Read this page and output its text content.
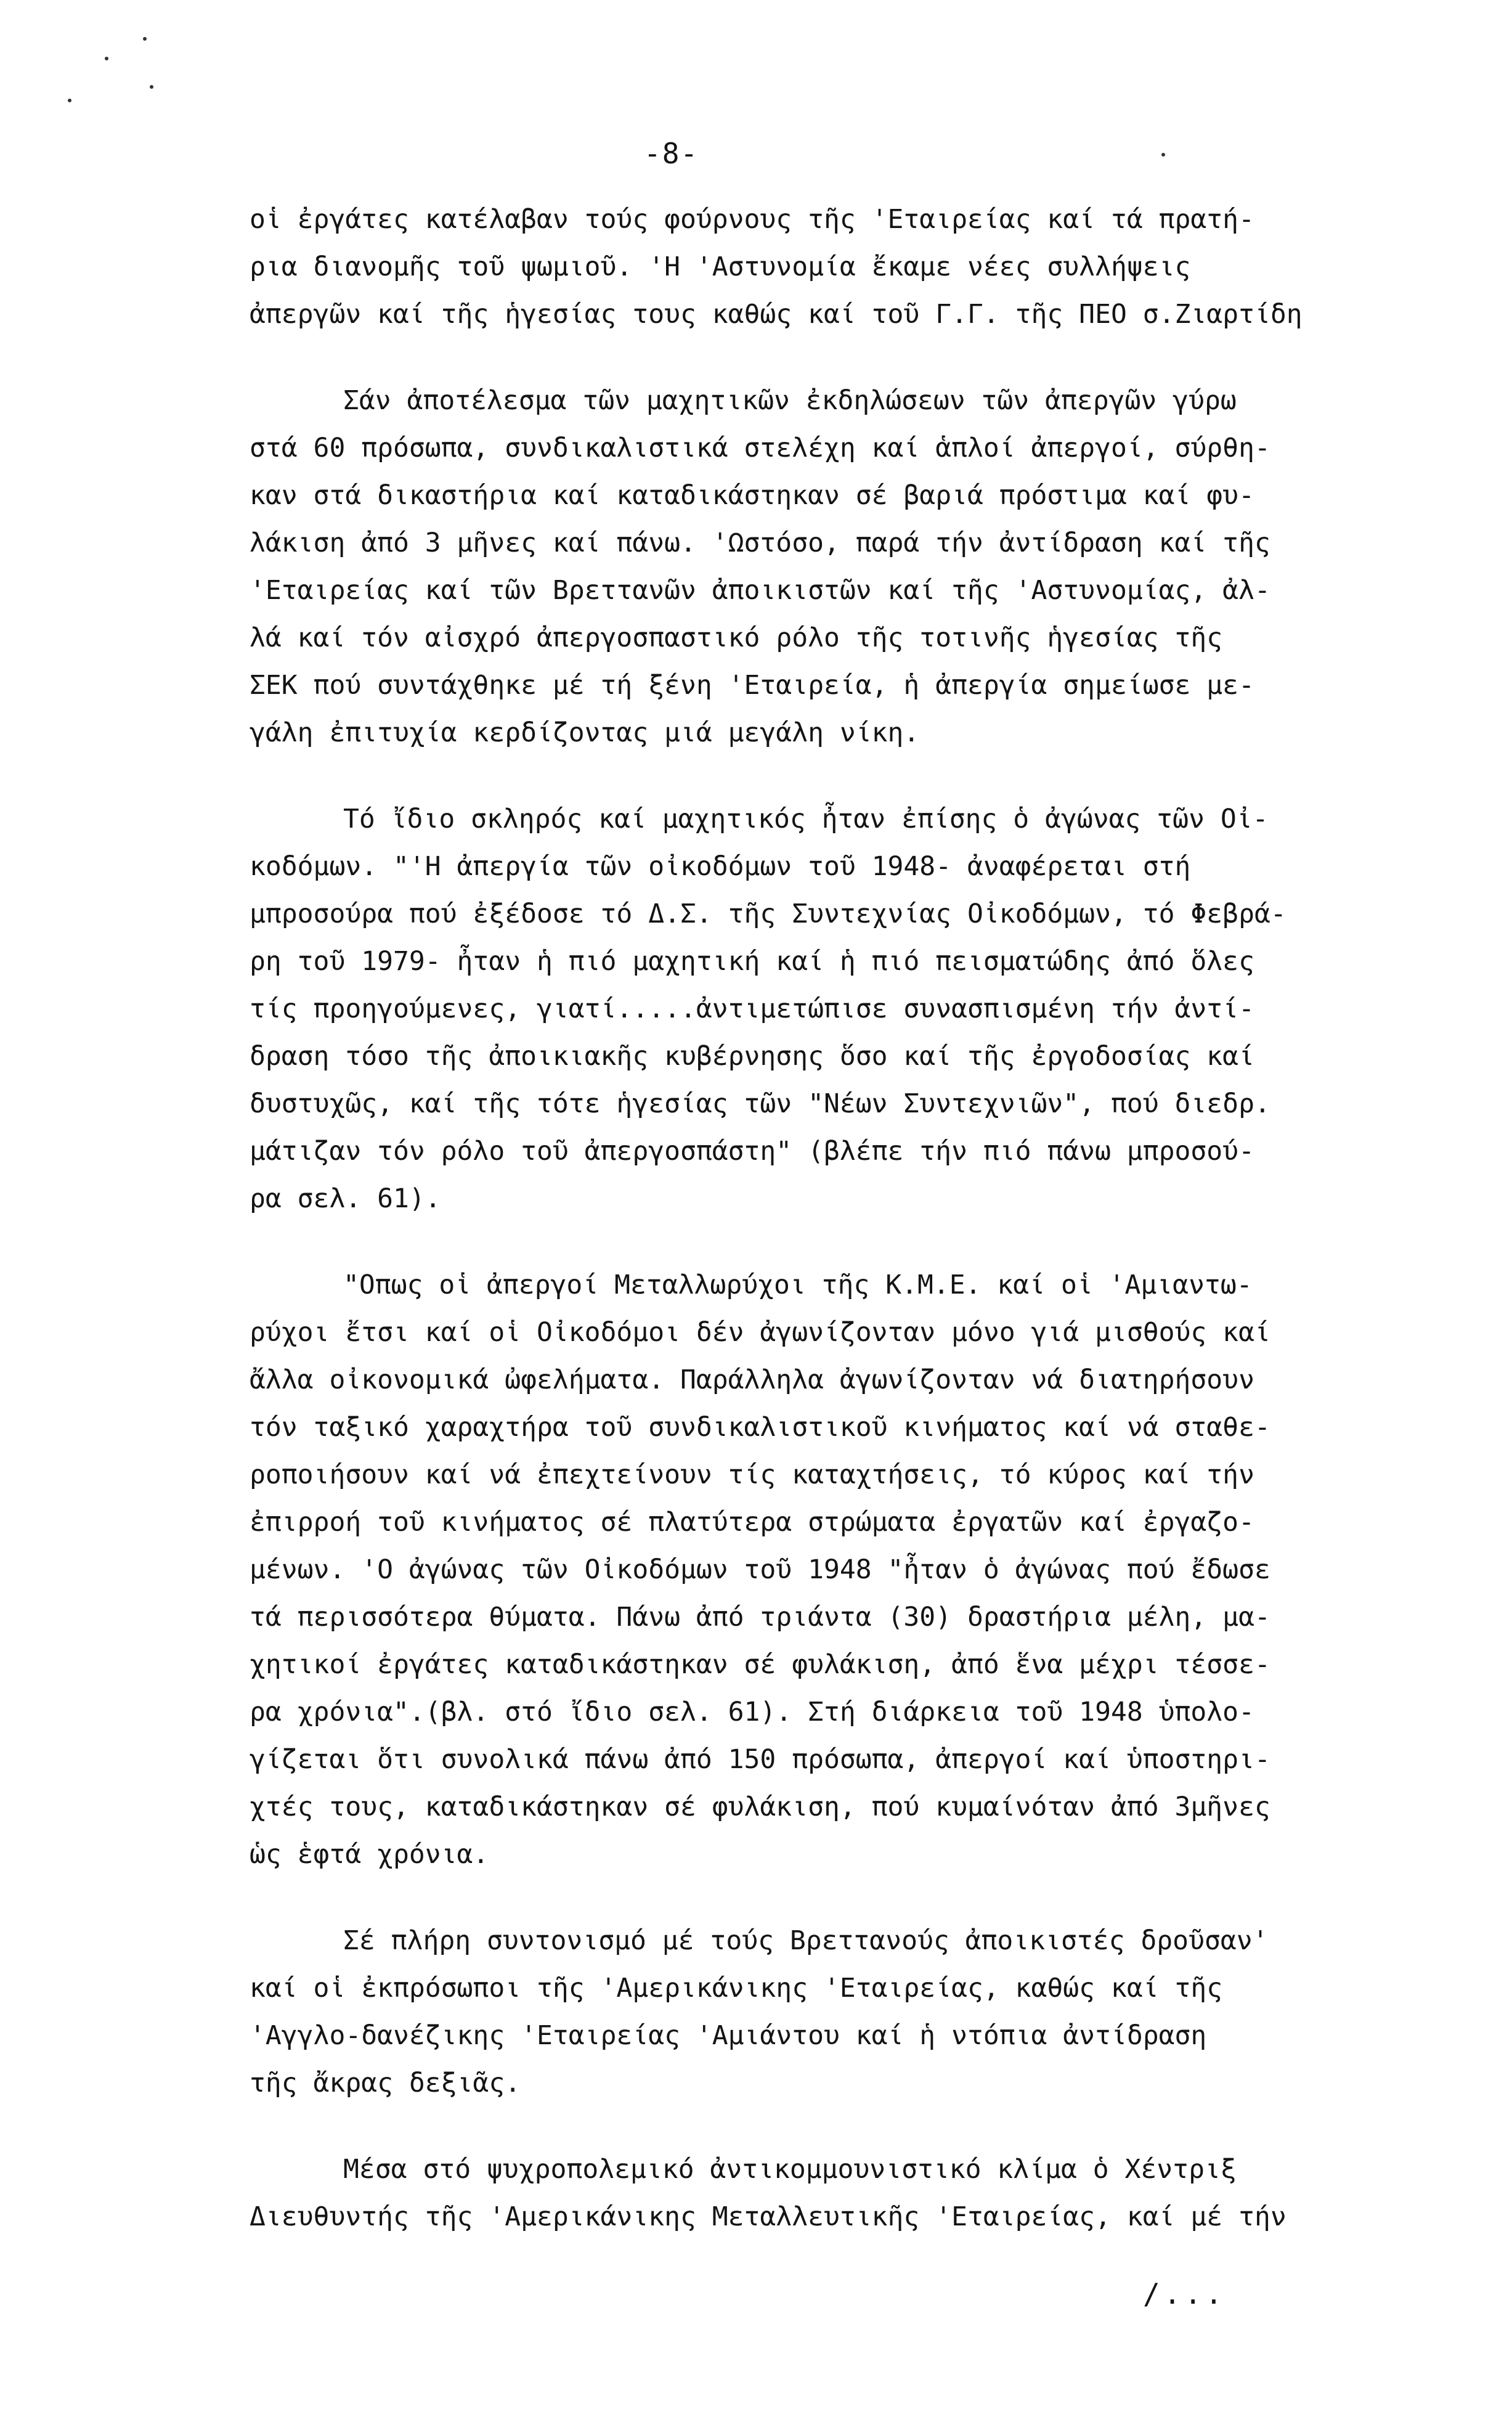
-8-
οἱ ἐργάτες κατέλαβαν τούς φούρνους τῆς 'Εταιρείας καί τά πρατή-
ρια διανομῆς τοῦ ψωμιοῦ. 'Η 'Αστυνομία ἔκαμε νέες συλλήψεις
ἀπεργῶν καί τῆς ἡγεσίας τους καθώς καί τοῦ Γ.Γ. τῆς ΠΕΟ σ.Ζιαρτίδη
Σάν ἀποτέλεσμα τῶν μαχητικῶν ἐκδηλώσεων τῶν ἀπεργῶν γύρω
στά 60 πρόσωπα, συνδικαλιστικά στελέχη καί ἁπλοί ἀπεργοί, σύρθη-
καν στά δικαστήρια καί καταδικάστηκαν σέ βαριά πρόστιμα καί φυ-
λάκιση ἀπό 3 μῆνες καί πάνω. 'Ωστόσο, παρά τήν ἀντίδραση καί τῆς
'Εταιρείας καί τῶν Βρεττανῶν ἀποικιστῶν καί τῆς 'Αστυνομίας, ἀλ-
λά καί τόν αἰσχρό ἀπεργοσπαστικό ρόλο τῆς τοτινῆς ἡγεσίας τῆς
ΣΕΚ πού συντάχθηκε μέ τή ξένη 'Εταιρεία, ἡ ἀπεργία σημείωσε με-
γάλη ἐπιτυχία κερδίζοντας μιά μεγάλη νίκη.
Τό ἴδιο σκληρός καί μαχητικός ἦταν ἐπίσης ὁ ἀγώνας τῶν Οἰ-
κοδόμων. "'Η ἀπεργία τῶν οἰκοδόμων τοῦ 1948- ἀναφέρεται στή
μπροσούρα πού ἐξέδοσε τό Δ.Σ. τῆς Συντεχνίας Οἰκοδόμων, τό Φεβρά-
ρη τοῦ 1979- ἦταν ἡ πιό μαχητική καί ἡ πιό πεισματώδης ἀπό ὅλες
τίς προηγούμενες, γιατί.....ἀντιμετώπισε συνασπισμένη τήν ἀντί-
δραση τόσο τῆς ἀποικιακῆς κυβέρνησης ὅσο καί τῆς ἐργοδοσίας καί
δυστυχῶς, καί τῆς τότε ἡγεσίας τῶν "Νέων Συντεχνιῶν", πού διεδρ.
μάτιζαν τόν ρόλο τοῦ ἀπεργοσπάστη" (βλέπε τήν πιό πάνω μπροσού-
ρα σελ. 61).
"Οπως οἱ ἀπεργοί Μεταλλωρύχοι τῆς Κ.Μ.Ε. καί οἱ 'Αμιαντω-
ρύχοι ἔτσι καί οἱ Οἰκοδόμοι δέν ἀγωνίζονταν μόνο γιά μισθούς καί
ἄλλα οἰκονομικά ὠφελήματα. Παράλληλα ἀγωνίζονταν νά διατηρήσουν
τόν ταξικό χαραχτήρα τοῦ συνδικαλιστικοῦ κινήματος καί νά σταθε-
ροποιήσουν καί νά ἐπεχτείνουν τίς καταχτήσεις, τό κύρος καί τήν
ἐπιρροή τοῦ κινήματος σέ πλατύτερα στρώματα ἐργατῶν καί ἐργαζο-
μένων. 'Ο ἀγώνας τῶν Οἰκοδόμων τοῦ 1948 "ἦταν ὁ ἀγώνας πού ἔδωσε
τά περισσότερα θύματα. Πάνω ἀπό τριάντα (30) δραστήρια μέλη, μα-
χητικοί ἐργάτες καταδικάστηκαν σέ φυλάκιση, ἀπό ἕνα μέχρι τέσσε-
ρα χρόνια".(βλ. στό ἴδιο σελ. 61). Στή διάρκεια τοῦ 1948 ὑπολο-
γίζεται ὅτι συνολικά πάνω ἀπό 150 πρόσωπα, ἀπεργοί καί ὑποστηρι-
χτές τους, καταδικάστηκαν σέ φυλάκιση, πού κυμαίνόταν ἀπό 3μῆνες
ὡς ἑφτά χρόνια.
Σέ πλήρη συντονισμό μέ τούς Βρεττανούς ἀποικιστές δροῦσαν'
καί οἱ ἐκπρόσωποι τῆς 'Αμερικάνικης 'Εταιρείας, καθώς καί τῆς
'Αγγλο-δανέζικης 'Εταιρείας 'Αμιάντου καί ἡ ντόπια ἀντίδραση
τῆς ἄκρας δεξιᾶς.
Μέσα στό ψυχροπολεμικό ἀντικομμουνιστικό κλίμα ὁ Χέντριξ
Διευθυντής τῆς 'Αμερικάνικης Μεταλλευτικῆς 'Εταιρείας, καί μέ τήν
/...
